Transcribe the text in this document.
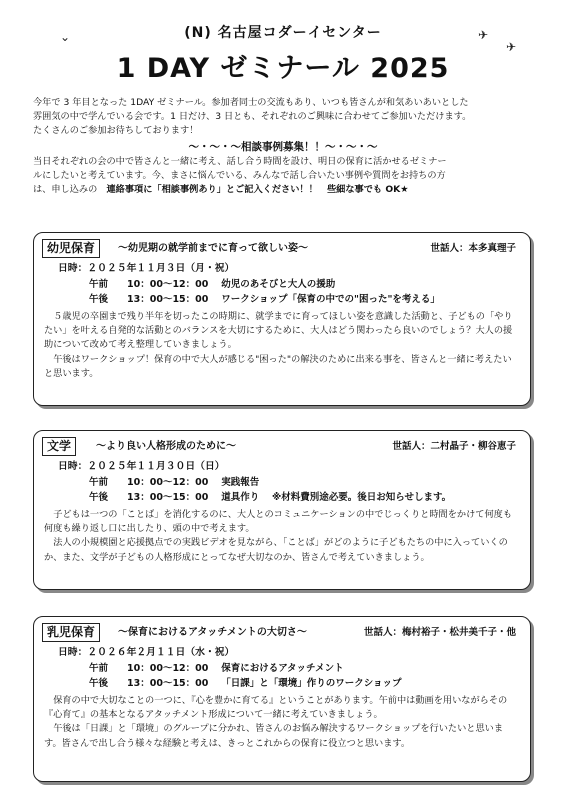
⌄	✈
✈
(N) 名古屋コダーイセンター
1 DAY ゼミナール 2025

今年で 3 年目となった 1DAY ゼミナール。参加者同士の交流もあり、いつも皆さんが和気あいあいとした

雰囲気の中で学んでいる会です。1 日だけ、3 日とも、それぞれのご興味に合わせてご参加いただけます。

たくさんのご参加お待ちしております！

～・～・～相談事例募集！！～・～・～

当日それぞれの会の中で皆さんと一緒に考え、話し合う時間を設け、明日の保育に活かせるゼミナー

ルにしたいと考えています。今、まさに悩んでいる、みんなで話し合いたい事例や質問をお持ちの方

は、申し込みの　 連絡事項に「相談事例あり」とご記入ください！！　些細な事でも OK★

幼児保育	～幼児期の就学前までに育って欲しい姿～	世話人：本多真理子
日時：２０２５年１１月３日（月・祝）
午前 10：00～12：00　 幼児のあそびと大人の援助
午後 13：00～15：00　 ワークショップ「保育の中での"困った"を考える」

５歳児の卒園まで残り半年を切ったこの時期に、就学までに育ってほしい姿を意識した活動と、子どもの「やりたい」を叶える自発的な活動とのバランスを大切にするために、大人はどう関わったら良いのでしょう？大人の援助について改めて考え整理していきましょう。

午後はワークショップ！保育の中で大人が感じる"困った"の解決のために出来る事を、皆さんと一緒に考えたいと思います。

文学	～より良い人格形成のために～	世話人：二村晶子・柳谷恵子
日時：２０２５年１１月３０日（日）
午前 10：00～12：00　 実践報告
午後 13：00～15：00　 道具作り　 ※材料費別途必要。後日お知らせします。

子どもは一つの「ことば」を消化するのに、大人とのコミュニケーションの中でじっくりと時間をかけて何度も何度も繰り返し口に出したり、頭の中で考えます。

法人の小規模園と応援拠点での実践ビデオを見ながら、「ことば」がどのように子どもたちの中に入っていくのか、また、文学が子どもの人格形成にとってなぜ大切なのか、皆さんで考えていきましょう。

乳児保育	～保育におけるアタッチメントの大切さ～	世話人：梅村裕子・松井美千子・他
日時：２０２６年２月１１日（水・祝）
午前 10：00～12：00　 保育におけるアタッチメント
午後 13：00～15：00　 「日課」と「環境」作りのワークショップ

保育の中で大切なことの一つに、『心を豊かに育てる』ということがあります。午前中は動画を用いながらその『心育て』の基本となるアタッチメント形成について一緒に考えていきましょう。

午後は「日課」と「環境」のグループに分かれ、皆さんのお悩み解決するワークショップを行いたいと思います。皆さんで出し合う様々な経験と考えは、きっとこれからの保育に役立つと思います。
